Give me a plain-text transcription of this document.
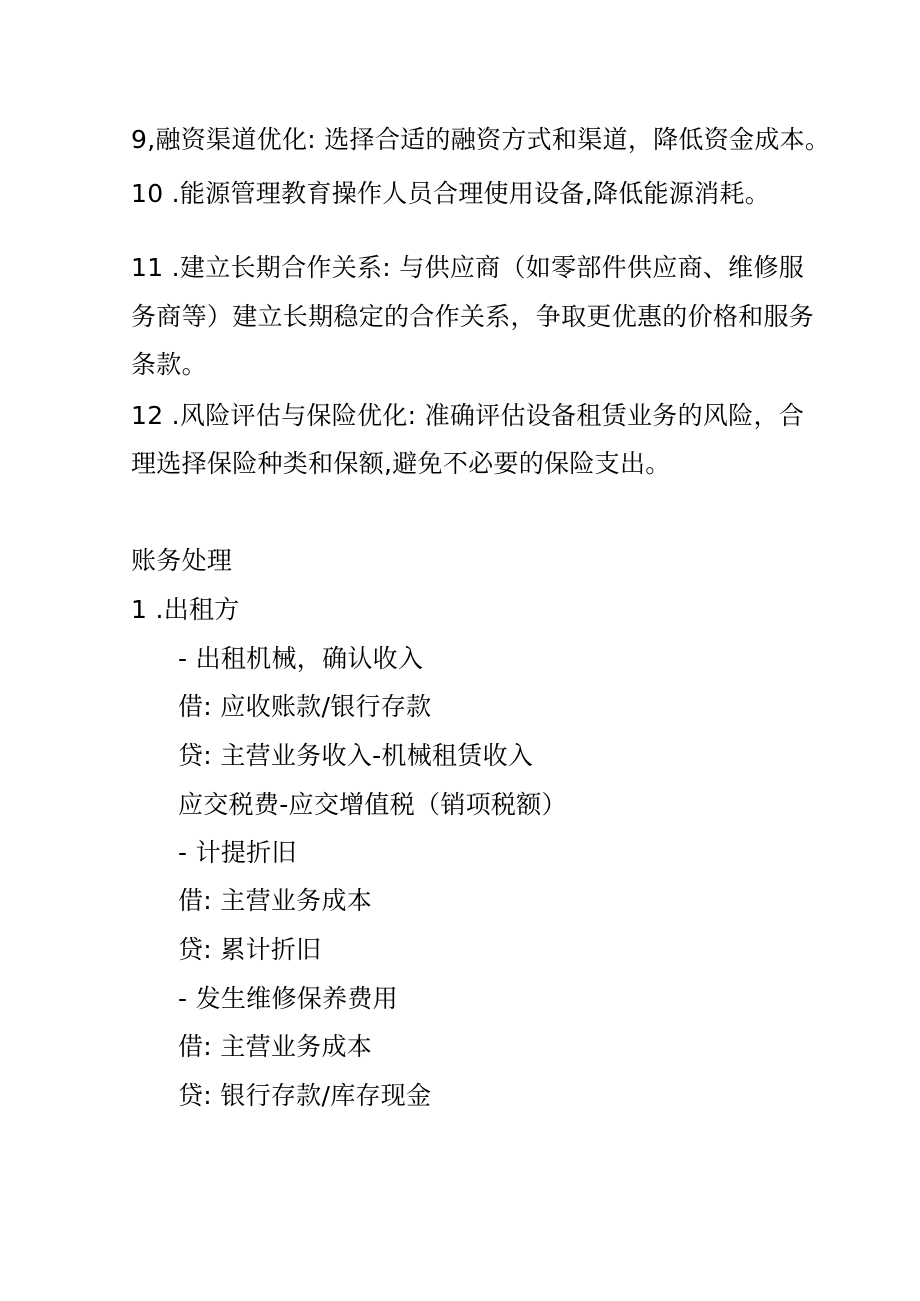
9,融资渠道优化: 选择合适的融资方式和渠道，降低资金成本。
10 .能源管理教育操作人员合理使用设备,降低能源消耗。
11 .建立长期合作关系: 与供应商（如零部件供应商、维修服
务商等）建立长期稳定的合作关系，争取更优惠的价格和服务
条款。
12 .风险评估与保险优化: 准确评估设备租赁业务的风险，合
理选择保险种类和保额,避免不必要的保险支出。
账务处理
1 .出租方
- 出租机械，确认收入
借: 应收账款/银行存款
贷: 主营业务收入-机械租赁收入
应交税费-应交增值税（销项税额）
- 计提折旧
借: 主营业务成本
贷: 累计折旧
- 发生维修保养费用
借: 主营业务成本
贷: 银行存款/库存现金
